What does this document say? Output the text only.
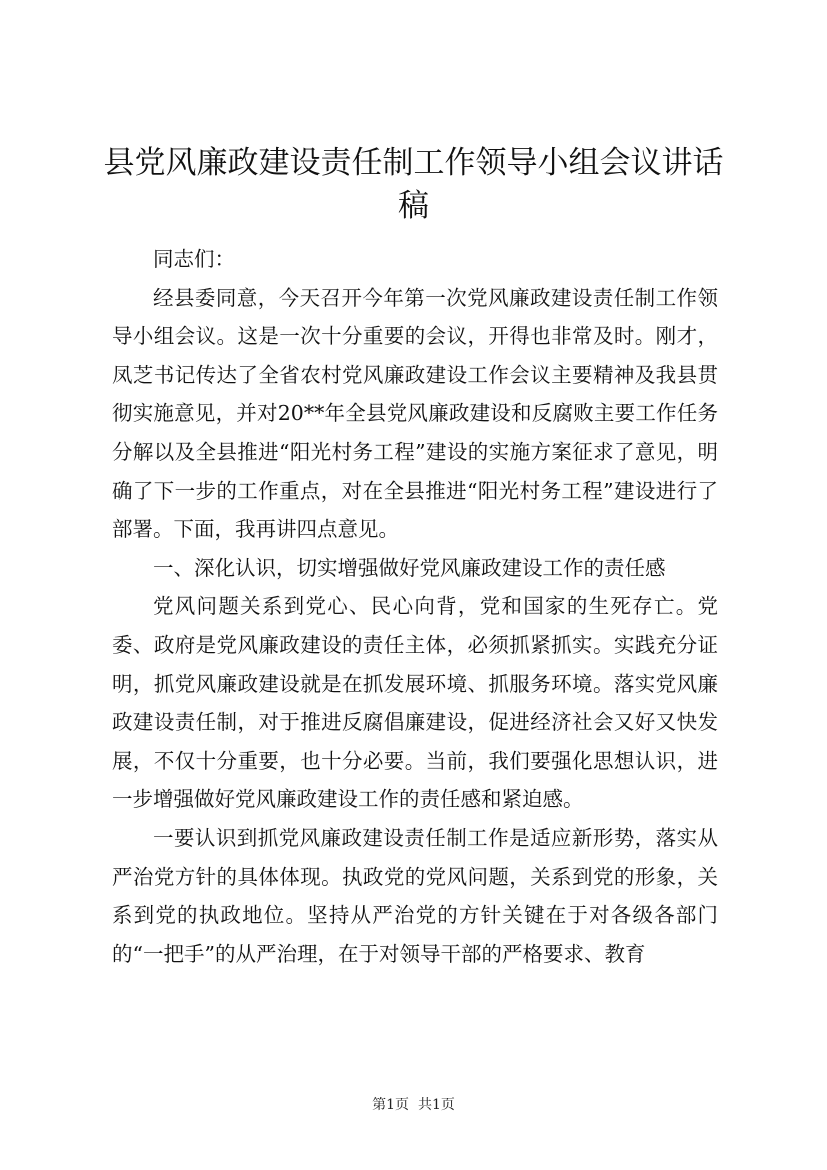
县党风廉政建设责任制工作领导小组会议讲话稿

同志们：

经县委同意，今天召开今年第一次党风廉政建设责任制工作领导小组会议。这是一次十分重要的会议，开得也非常及时。刚才，凤芝书记传达了全省农村党风廉政建设工作会议主要精神及我县贯彻实施意见，并对20**年全县党风廉政建设和反腐败主要工作任务分解以及全县推进“阳光村务工程”建设的实施方案征求了意见，明确了下一步的工作重点，对在全县推进“阳光村务工程”建设进行了部署。下面，我再讲四点意见。

一、深化认识，切实增强做好党风廉政建设工作的责任感

党风问题关系到党心、民心向背，党和国家的生死存亡。党委、政府是党风廉政建设的责任主体，必须抓紧抓实。实践充分证明，抓党风廉政建设就是在抓发展环境、抓服务环境。落实党风廉政建设责任制，对于推进反腐倡廉建设，促进经济社会又好又快发展，不仅十分重要，也十分必要。当前，我们要强化思想认识，进一步增强做好党风廉政建设工作的责任感和紧迫感。

一要认识到抓党风廉政建设责任制工作是适应新形势，落实从严治党方针的具体体现。执政党的党风问题，关系到党的形象，关系到党的执政地位。坚持从严治党的方针关键在于对各级各部门的“一把手”的从严治理，在于对领导干部的严格要求、教育

第1页  共1页
